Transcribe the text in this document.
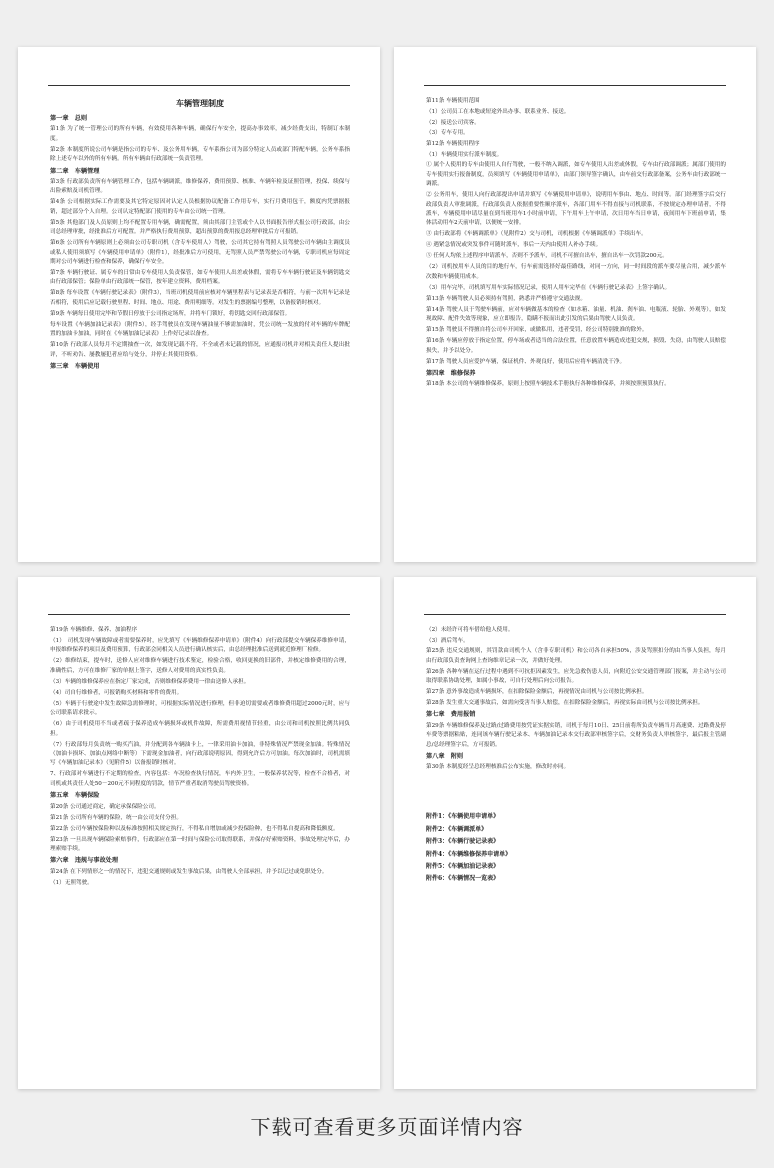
车辆管理制度
第一章　总则
第1条 为了统一管理公司的所有车辆，有效使用各种车辆，确保行车安全，提高办事效率，减少经费支出，特制订本制度。
第2条 本制度所说公司车辆是指公司的专车、及公务用车辆，专车系指公司为部分特定人员或部门特配车辆，公务车系指除上述专车以外的所有车辆。所有车辆由行政部统一负责管理。
第二章　车辆管理
第3条 行政部负责所有车辆管理工作，包括车辆调派，维修保养，费用预算、核准、车辆年检及证照管理，投保、续保与出险索赔及司机管理。
第4条 公司根据实际工作需要及其它特定原因对认定人员根据协议配备工作用专车，实行月费用包干，额度内凭票据报销，超过部分个人自理。公司认定特配部门使用的专车由公司统一管理。
第5条 其他部门及人员原则上均不配置专用车辆，确需配置，须由其部门主管或个人以书面报告形式报公司行政部，由公司总经理审批，经批准后方可配置。并严格执行费用预算，超出预算的费用报总经理审批后方可报销。
第6条 公司所有车辆原则上必须由公司专职司机（含专车使用人）驾驶，公司其它持有驾照人员驾驶公司车辆由主调度员或私人使用须填写《车辆使用申请单》（附件1），经批准后方可使用，无驾照人员严禁驾驶公司车辆，专职司机应每周定期对公司车辆进行检查和保养，确保行车安全。
第7条 车辆行驶证、属专车的日常由专车使用人负责保管，如专车使用人出差或休假，需将专车车辆行驶证及车辆钥匙交由行政部保管；保险单由行政部统一保管，按年建立资料，费用档案。
第8条 每车设置《车辆行驶记录表》（附件3），当班司机使用前应核对车辆里程表与记录表是否相符，与前一次用车记录是否相符，使用后应记载行驶里程、时间、地点、用途、费用明细等。对发生的票据编号整理，以备报销时核对。
第9条 车辆每日使用完毕和节假日停放于公司指定场所，并将车门锁好，将钥匙交回行政部保管。
每车设置《车辆加油记录表》（附件5），经手驾驶员在发现车辆油量不够需加油时，凭公司统一发放的付对车辆的车牌配置的加油卡加油，同时在《车辆加油记录表》上作好记录以备查。
第10条 行政部人员每月不定期抽查一次，如发现记载不符，不全或者未记载的情况，应通报司机并对相关责任人提出批评，不听劝告、屡教屡犯者应给与处分，并停止其使用资格。
第三章　车辆使用
第11条 车辆使用范围
（1）公司员工在本地或短途外出办事、联系业务、接送。
（2）接送公司宾客。
（3）专车专用。
第12条 车辆使用程序
（1）车辆使用实行派车制度。
① 属个人使用的专车由使用人自行驾驶，一般不纳入调派，如专车使用人出差或休假，专车由行政部调派；属部门使用的专车使用实行报备制度，员须填写《车辆使用申请单》，由部门领导签字确认，由车前交行政部备案，公务车由行政部统一调派。
② 公务用车，使用人向行政部提出申请并填写《车辆使用申请单》，说明用车事由、地点、时间等。部门经理签字后交行政部负责人审批调派，行政部负责人依据重要性顺序派车，各部门用车不得直接与司机联系，不按规定办理申请者，不得派车，车辆使用申请尽量在到当班用车1小时前申请，下午用车上午申请，次日用车当日申请，夜间用车下班前申请，集体活动用车2天前申请，以便统一安排。
③ 由行政部将《车辆调派单》（见附件2）交与司机，司机根据《车辆调派单》手续出车。
④ 遇紧急情况或突发事件可随时派车，事后一天内由使用人补办手续。
⑤ 任何人均依上述程序申请派车，否则不予派车，司机不可擅自出车，擅自出车一次罚款200元。
（2）司机按用车人员的目的地行车，行车前需选择好最佳路线，对同一方向，同一时间段的派车要尽量合用，减少派车次数和车辆使用成本。
（3）用车完毕，司机填写用车实际情况记录，使用人用车完毕在《车辆行驶记录表》上签字确认。
第13条 车辆驾驶人员必须持有驾照，熟悉并严格遵守交通法规。
第14条 驾驶人员于驾驶车辆前，应对车辆做基本的检查（如水箱、油量、机油、刹车油、电瓶液、轮胎、外观等），如发现故障、配件失效等现象，应立即报告，隐瞒不报而出此引发的后果由驾驶人员负责。
第15条 驾驶员不得擅自将公司车开回家，或做私用，违者受罚，经公司特别批准的除外。
第16条 车辆应停放于指定位置，停车场或者适当的合法位置，任意放置车辆造成违犯交规，损毁、失窃，由驾驶人员赔偿损失，并予以处分。
第17条 驾驶人员应爱护车辆，保证机件、外观良好，使用后应将车辆清洗干净。
第四章　维修保养
第18条 本公司的车辆维修保养，原则上按照车辆技术手册执行各种维修保养，并须按照预算执行。
第19条 车辆维修、保养、加油程序
（1）　司机发现车辆故障或者需要保养时，应先填写《车辆维修保养申请单》（附件4）向行政部提交车辆保养维修申请，申报维修保养的项目及费用预算，行政部会同相关人员进行确认核实后，由总经理批准后送到就近修理厂检修。
（2）维修结束，提车时，送修人应对维修车辆进行技术鉴定，检验合格，收回更换的旧部件，并核定维修费用的合理，准确性后，方可在维修厂家的单据上签字，送修人对费用的真实性负责。
（3）车辆的维修保养应在指定厂家完成，否则维修保养费用一律由送修人承担。
（4）司自行维修者，可报销购买材料和零件的费用。
（5）车辆于行驶途中发生故障急需修理时，可根据实际情况进行修理，但非迫切需要或者维修费用超过2000元时，应与公司联系请求批示。
（6）由于司机使用不当或者疏于保养造成车辆损坏或机件故障，所需费用视情节轻重，由公司和司机按照比例共同负担。
（7）行政部每月负责统一购买汽油，并分配到各车辆油卡上，一律采用油卡加油，非特殊情况严禁现金加油。特殊情况（加油卡损坏、加油点网络中断等）下需现金加油者，向行政部说明原因，得到允许后方可加油。每次加油时，司机需填写《车辆加油记录本》（见附件5）以备报销时核对。
7、行政部对车辆进行不定期的检查，内容包括：车况检查执行情况，车内外卫生，一般保养状况等，检查不合格者，对司机或其责任人处50－200元不同程度的罚款，情节严重者取消驾驶员驾驶资格。
第五章　车辆保险
第20条 公司通过商定，确定承保保险公司。
第21条 公司所有车辆的保险，统一由公司支付分担。
第22条 公司车辆按保险种以及标准按照相关规定执行，不得私自增加或减少投保险种，也不得私自提高和降低额度。
第23条 一旦出现车辆保险索赔事件，行政部应在第一时间与保险公司取得联系，并保存好索赔资料，事故处理完毕后，办理索赔手续。
第六章　违规与事故处理
第24条 在下列情形之一的情况下，违犯交通规则或发生事故后果，由驾驶人全部承担，并予以记过或免职处分。
（1）无照驾驶。
（2）未经许可将车借给他人使用。
（3）酒后驾车。
第25条 违反交通规则，其罚款由司机个人（含非专职司机）和公司各自承担50%，涉及驾照扣分的由当事人负担，每月由行政部负责查询网上查询维章记录一次，并做好处理。
第26条 各种车辆在运行过程中遇到不可抗拒因素发生，应先急救伤患人员，向附近公安交通管理部门报案，并主动与公司取得联系协助处理，如属小事故，可自行处理后向公司报告。
第27条 意外事故造成车辆损坏，在扣除保险金额后，再视情况由司机与公司按比例承担。
第28条 发生重大交通事故后，如需向受害当事人赔偿，在扣除保险金额后，再视实际由司机与公司按比例承担。
第七章　费用报销
第29条 车辆维修保养及过路/过路费用按凭证实据实销，司机于每月10日、25日前将所负责车辆当月高速费、过路费及停车费等票据粘贴，连同该车辆行驶记录本、车辆加油记录本交行政部审核签字后，交财务负责人审核签字，最后报主管副总/总经理签字后，方可报销。
第八章　附则
第30条 本制度经呈总经理核准后公布实施，修改时亦同。
附件1：《车辆使用申请单》
附件2：《车辆调派单》
附件3：《车辆行驶记录表》
附件4：《车辆维修保养申请单》
附件5：《车辆加油记录表》
附件6：《车辆情况一览表》
下载可查看更多页面详情内容
